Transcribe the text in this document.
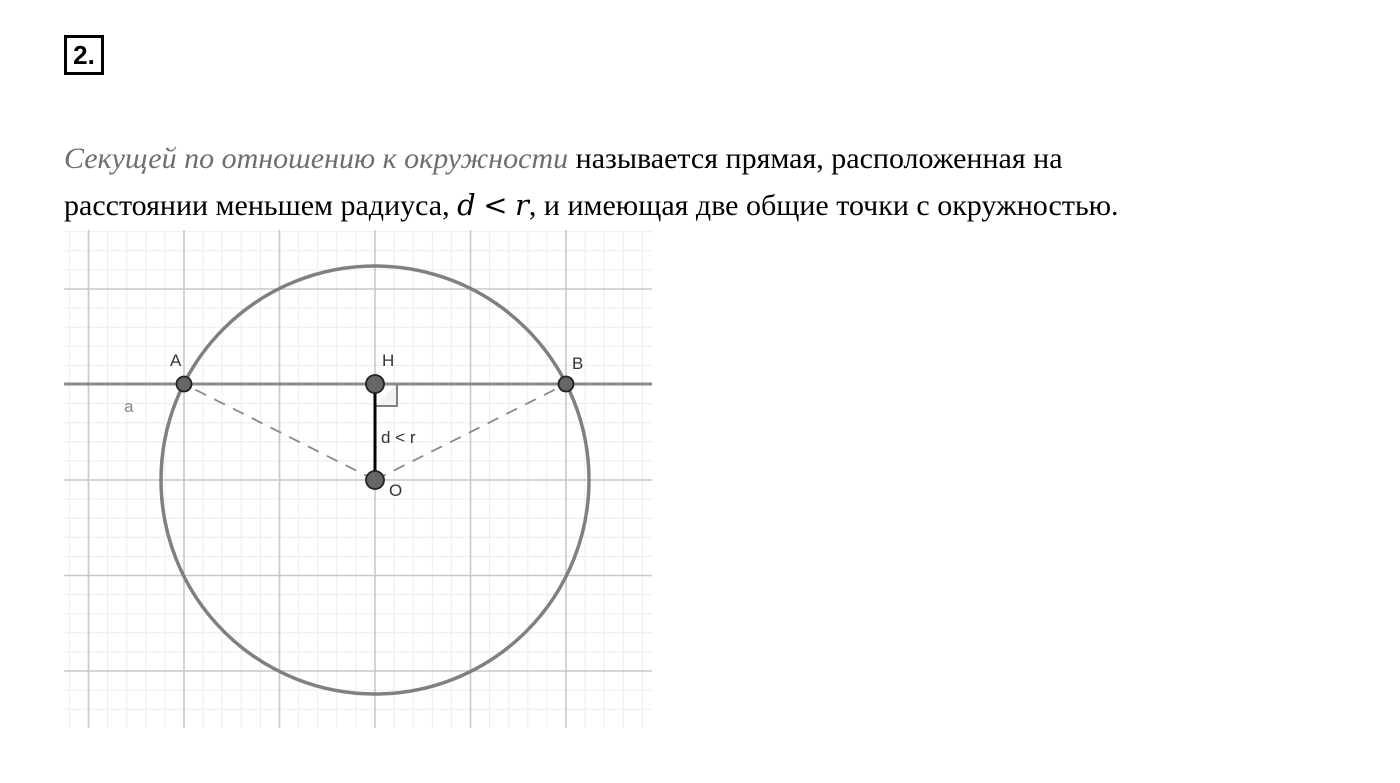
2.
Секущей по отношению к окружности называется прямая, расположенная на
расстоянии меньшем радиуса, d < r, и имеющая две общие точки с окружностью.
A	H	B
O
a
d < r
